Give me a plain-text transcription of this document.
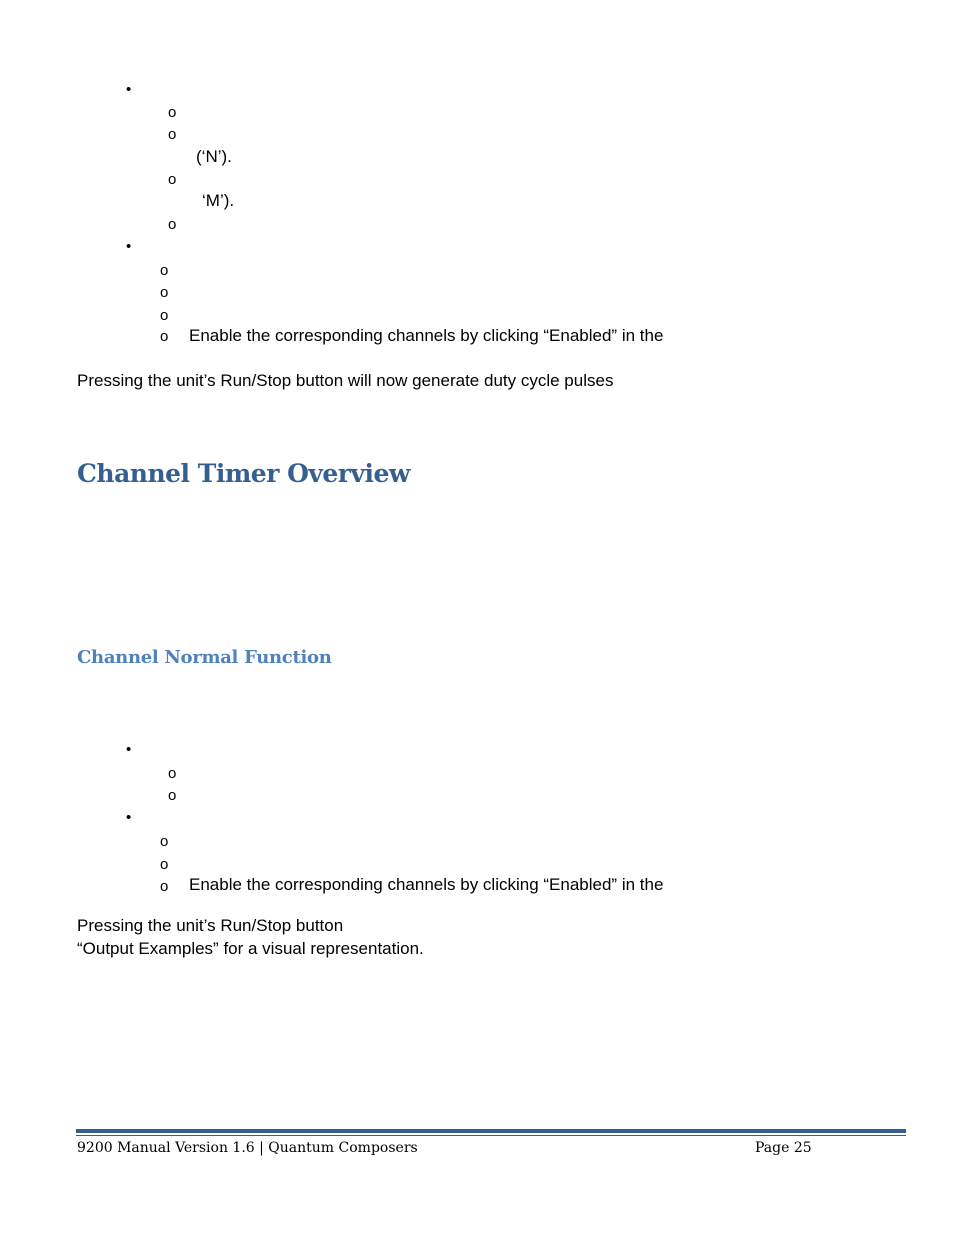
•
o
o
(‘N’).
o
‘M’).
o
•
o
o
o
o Enable the corresponding channels by clicking “Enabled” in the

Pressing the unit’s Run/Stop button will now generate duty cycle pulses

Channel Timer Overview
Channel Normal Function
•
o
o
•
o
o
o Enable the corresponding channels by clicking “Enabled” in the

Pressing the unit’s Run/Stop button

“Output Examples” for a visual representation.

9200 Manual Version 1.6 | Quantum Composers	Page 25
